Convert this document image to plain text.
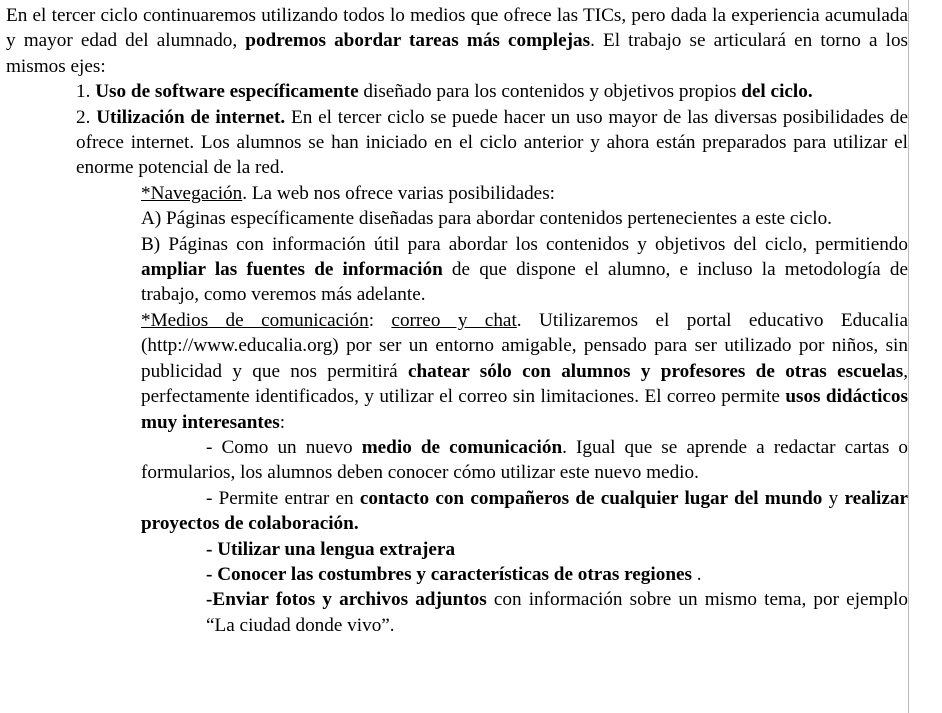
En el tercer ciclo continuaremos utilizando todos lo medios que ofrece las TICs, pero dada la experiencia acumulada y mayor edad del alumnado, podremos abordar tareas más complejas. El trabajo se articulará en torno a los mismos ejes:

1. Uso de software específicamente diseñado para los contenidos y objetivos propios del ciclo.

2. Utilización de internet. En el tercer ciclo se puede hacer un uso mayor de las diversas posibilidades de ofrece internet. Los alumnos se han iniciado en el ciclo anterior y ahora están preparados para utilizar el enorme potencial de la red.

*Navegación. La web nos ofrece varias posibilidades:

A) Páginas específicamente diseñadas para abordar contenidos pertenecientes a este ciclo.

B) Páginas con información útil para abordar los contenidos y objetivos del ciclo, permitiendo ampliar las fuentes de información de que dispone el alumno, e incluso la metodología de trabajo, como veremos más adelante.

*Medios de comunicación: correo y chat. Utilizaremos el portal educativo Educalia (http://www.educalia.org) por ser un entorno amigable, pensado para ser utilizado por niños, sin publicidad y que nos permitirá chatear sólo con alumnos y profesores de otras escuelas, perfectamente identificados, y utilizar el correo sin limitaciones. El correo permite usos didácticos muy interesantes:

- Como un nuevo medio de comunicación. Igual que se aprende a redactar cartas o formularios, los alumnos deben conocer cómo utilizar este nuevo medio.

- Permite entrar en contacto con compañeros de cualquier lugar del mundo y realizar proyectos de colaboración.

- Utilizar una lengua extrajera

- Conocer las costumbres y características de otras regiones .

-Enviar fotos y archivos adjuntos con información sobre un mismo tema, por ejemplo “La ciudad donde vivo”.
